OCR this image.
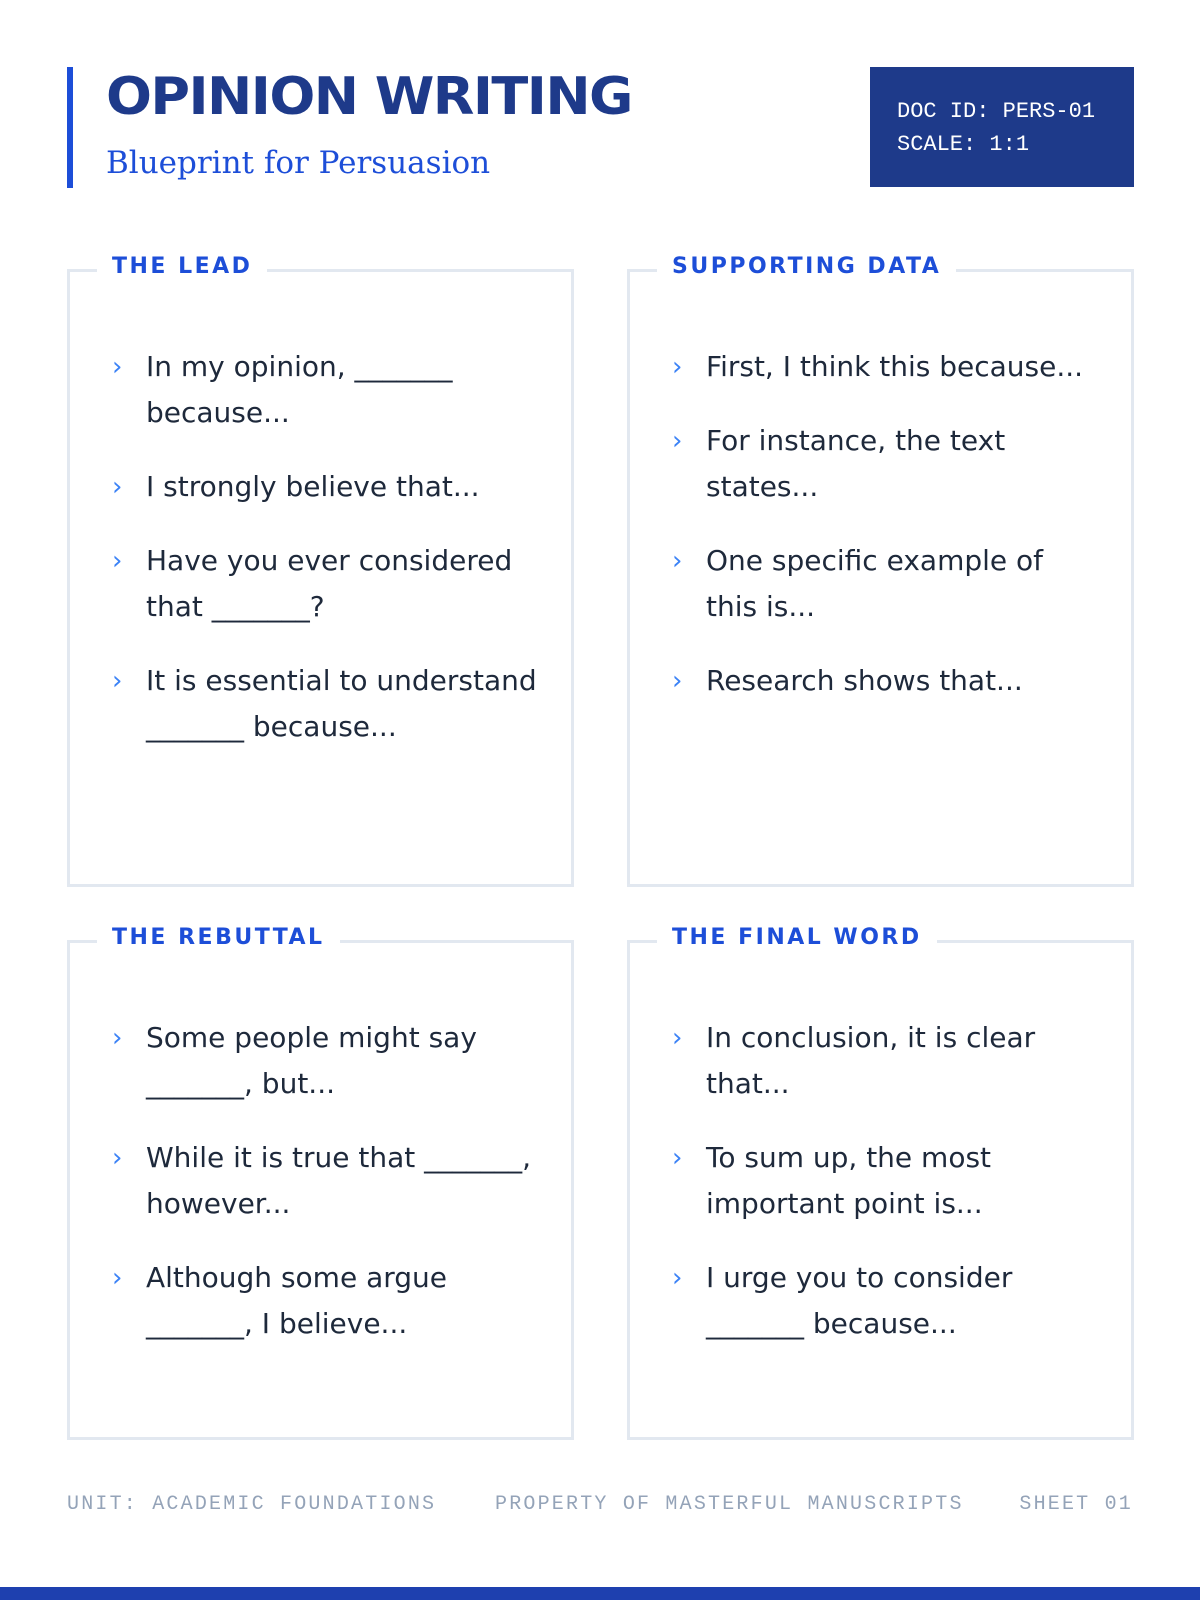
OPINION WRITING
Blueprint for Persuasion
DOC ID: PERS-01
SCALE: 1:1
THE LEAD
› In my opinion, _______ because...
› I strongly believe that...
› Have you ever considered that _______?
› It is essential to understand _______ because...
SUPPORTING DATA
› First, I think this because...
› For instance, the text states...
› One specific example of this is...
› Research shows that...
THE REBUTTAL
› Some people might say _______, but...
› While it is true that _______, however...
› Although some argue _______, I believe...
THE FINAL WORD
› In conclusion, it is clear that...
› To sum up, the most important point is...
› I urge you to consider _______ because...
UNIT: ACADEMIC FOUNDATIONS	PROPERTY OF MASTERFUL MANUSCRIPTS	SHEET 01
